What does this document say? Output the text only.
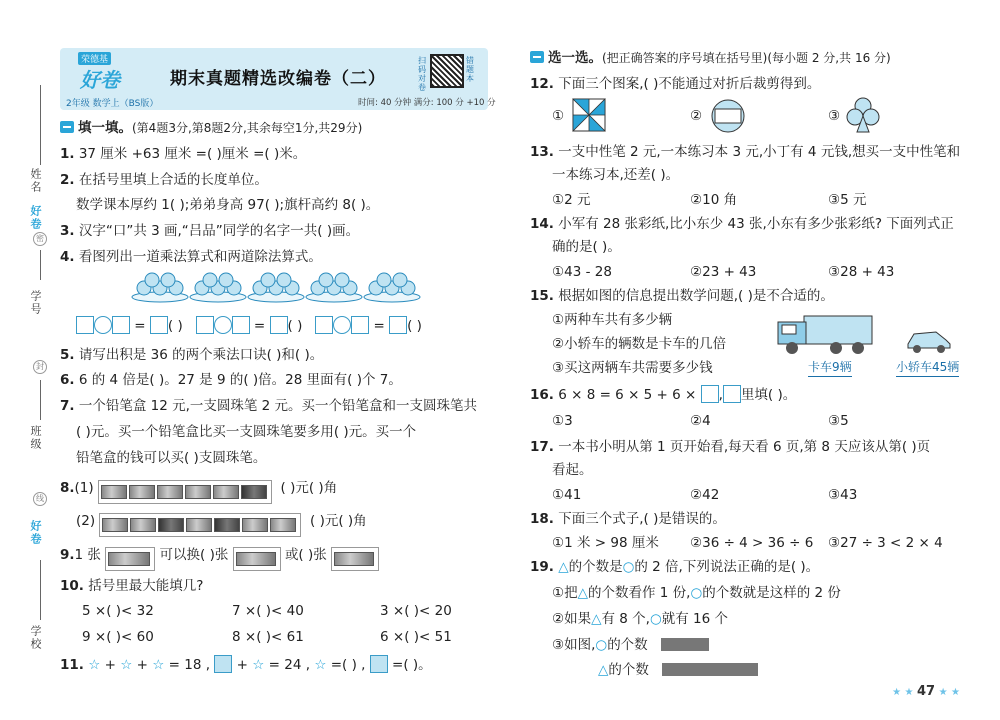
姓名
好卷
密
学号
封
班级
线
好卷
学校
荣德基
好卷
2年级 数学上（BS版）
期末真题精选改编卷（二）
扫码对卷
错题本
时间: 40 分钟 满分: 100 分 +10 分
填一填。(第4题3分,第8题2分,其余每空1分,共29分)
1. 37 厘米 +63 厘米 =( )厘米 =( )米。
2. 在括号里填上合适的长度单位。
数学课本厚约 1( );弟弟身高 97( );旗杆高约 8( )。
3. 汉字“口”共 3 画,“吕品”同学的名字一共( )画。
4. 看图列出一道乘法算式和两道除法算式。
= ( )	= ( )	= ( )
5. 请写出积是 36 的两个乘法口诀( )和( )。
6. 6 的 4 倍是( )。27 是 9 的( )倍。28 里面有( )个 7。
7. 一个铅笔盒 12 元,一支圆珠笔 2 元。买一个铅笔盒和一支圆珠笔共
( )元。买一个铅笔盒比买一支圆珠笔要多用( )元。买一个
铅笔盒的钱可以买( )支圆珠笔。
8.(1)	( )元( )角
(2)	( )元( )角
9.1 张	可以换( )张	或( )张
10. 括号里最大能填几?
5 ×( )< 32	7 ×( )< 40	3 ×( )< 20
9 ×( )< 60	8 ×( )< 61	6 ×( )< 51
11. ☆ + ☆ + ☆ = 18 ,  + ☆ = 24 , ☆ =( ) , =( )。
选一选。(把正确答案的序号填在括号里)(每小题 2 分,共 16 分)
12. 下面三个图案,( )不能通过对折后裁剪得到。
①	②	③
13. 一支中性笔 2 元,一本练习本 3 元,小丁有 4 元钱,想买一支中性笔和
一本练习本,还差( )。
①2 元	②10 角	③5 元
14. 小军有 28 张彩纸,比小东少 43 张,小东有多少张彩纸? 下面列式正
确的是( )。
①43 - 28	②23 + 43	③28 + 43
15. 根据如图的信息提出数学问题,( )是不合适的。
①两种车共有多少辆
②小轿车的辆数是卡车的几倍
③买这两辆车共需要多少钱	卡车9辆	小轿车45辆
16. 6 × 8 = 6 × 5 + 6 × , 里填( )。
①3	②4	③5
17. 一本书小明从第 1 页开始看,每天看 6 页,第 8 天应该从第( )页
看起。
①41	②42	③43
18. 下面三个式子,( )是错误的。
①1 米 > 98 厘米 ②36 ÷ 4 > 36 ÷ 6 ③27 ÷ 3 < 2 × 4
19. △的个数是○的 2 倍,下列说法正确的是( )。
①把△的个数看作 1 份,○的个数就是这样的 2 份
②如果△有 8 个,○就有 16 个
③如图,○的个数
△的个数
★ ★ 47 ★ ★
